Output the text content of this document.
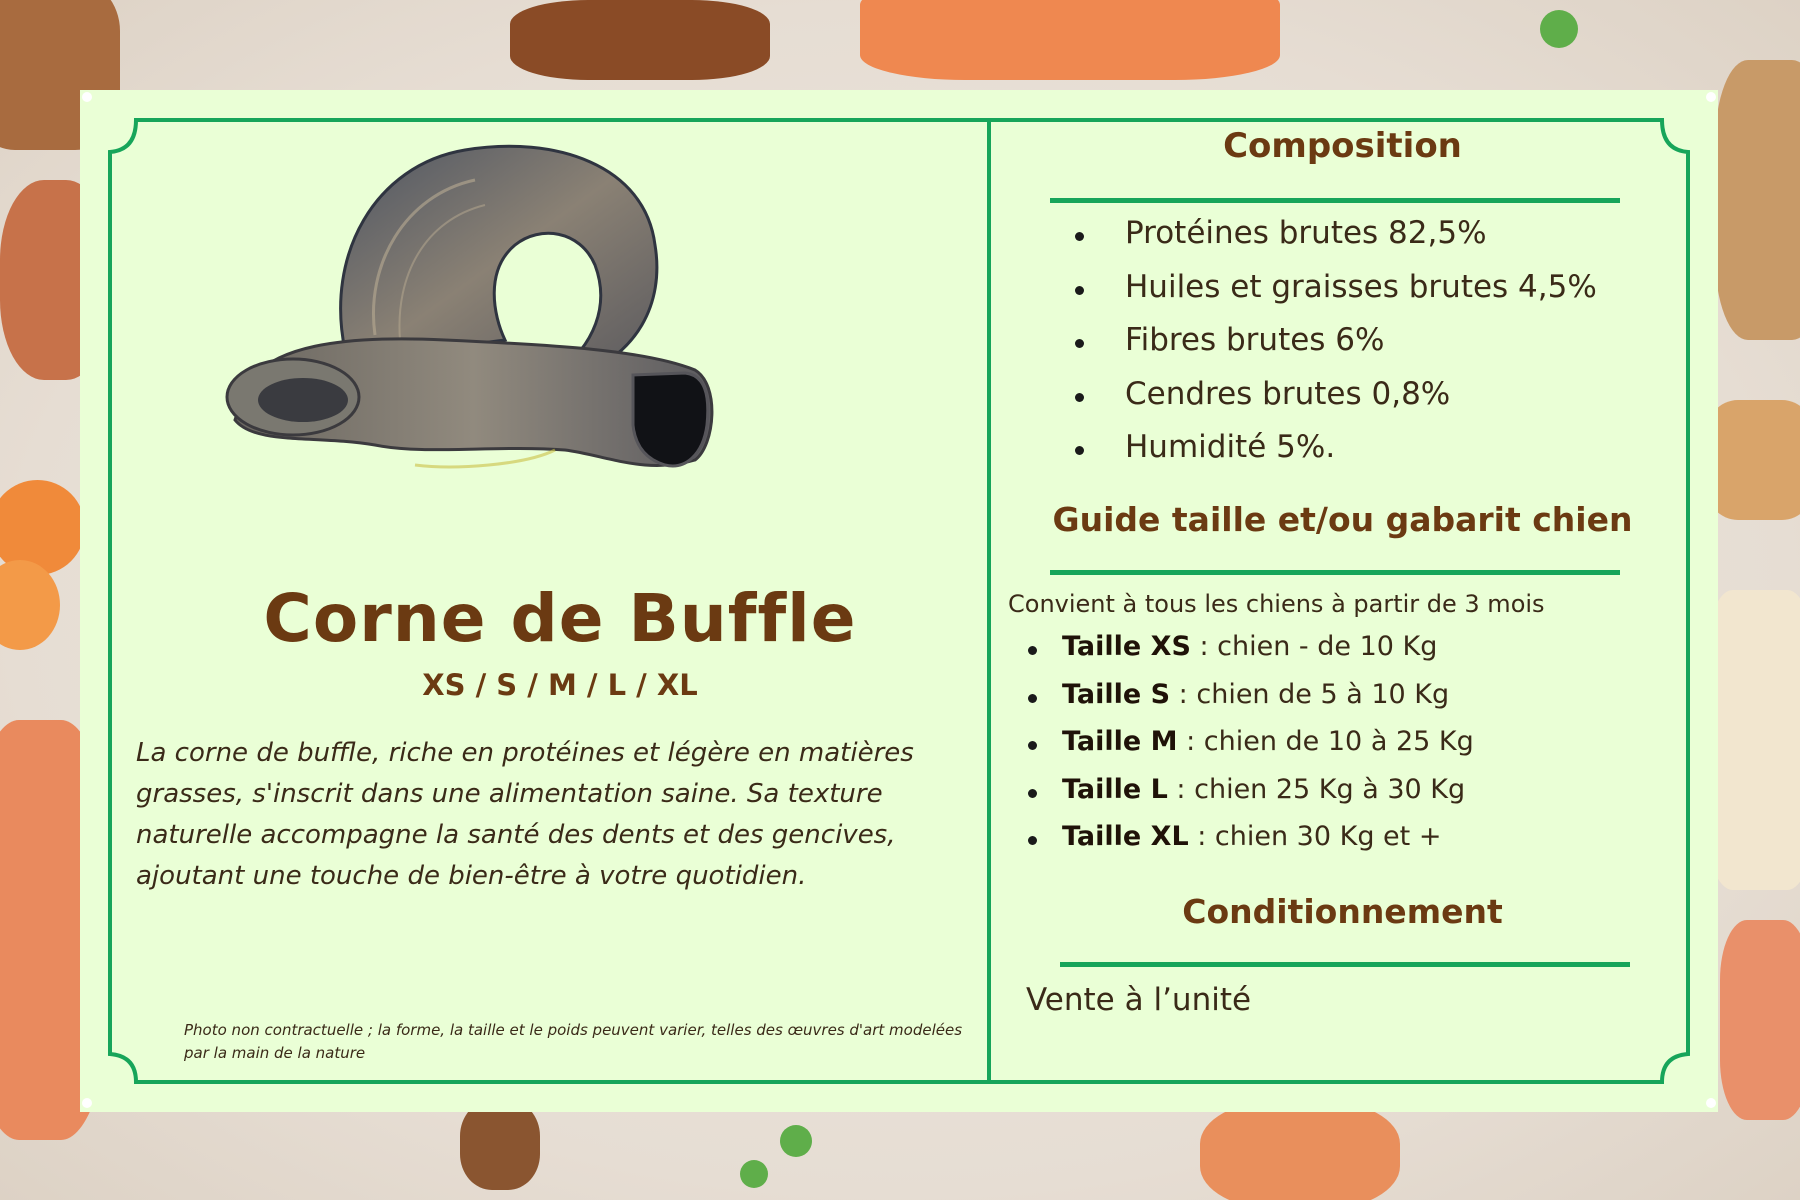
Corne de Buffle
XS / S / M / L / XL

La corne de buffle, riche en protéines et légère en matières grasses, s'inscrit dans une alimentation saine. Sa texture naturelle accompagne la santé des dents et des gencives, ajoutant une touche de bien-être à votre quotidien.

Photo non contractuelle ; la forme, la taille et le poids peuvent varier, telles des œuvres d'art modelées par la main de la nature

Composition
Protéines brutes 82,5%
Huiles et graisses brutes 4,5%
Fibres brutes 6%
Cendres brutes 0,8%
Humidité 5%.
Guide taille et/ou gabarit chien
Convient à tous les chiens à partir de 3 mois
Taille XS : chien - de 10 Kg
Taille S : chien de 5 à 10 Kg
Taille M : chien de 10 à 25 Kg
Taille L : chien 25 Kg à 30 Kg
Taille XL : chien 30 Kg et +
Conditionnement
Vente à l’unité
